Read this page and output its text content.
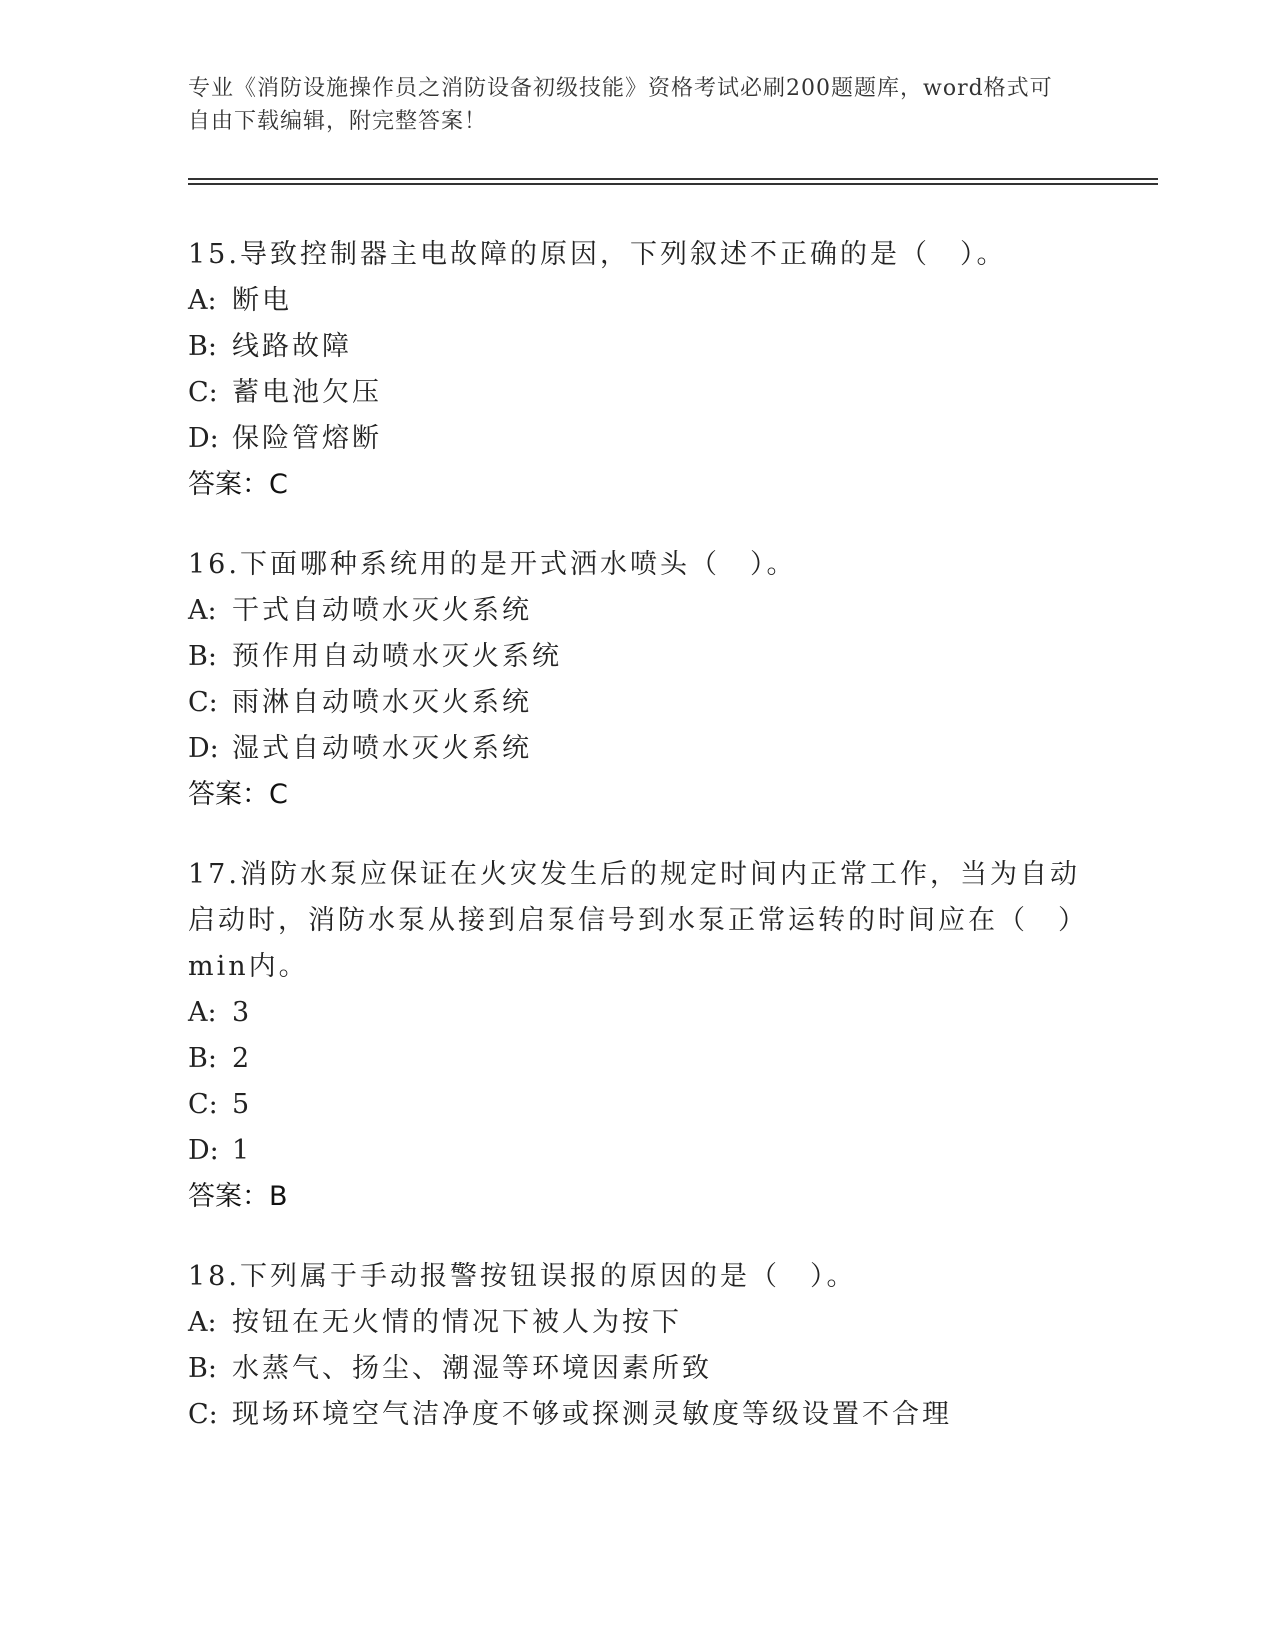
专业《消防设施操作员之消防设备初级技能》资格考试必刷200题题库，word格式可自由下载编辑，附完整答案！

15.导致控制器主电故障的原因，下列叙述不正确的是（　）。

A: 断电

B: 线路故障

C: 蓄电池欠压

D: 保险管熔断

答案：C

16.下面哪种系统用的是开式洒水喷头（　）。

A: 干式自动喷水灭火系统

B: 预作用自动喷水灭火系统

C: 雨淋自动喷水灭火系统

D: 湿式自动喷水灭火系统

答案：C

17.消防水泵应保证在火灾发生后的规定时间内正常工作，当为自动启动时，消防水泵从接到启泵信号到水泵正常运转的时间应在（　）min内。

A: 3

B: 2

C: 5

D: 1

答案：B

18.下列属于手动报警按钮误报的原因的是（　）。

A: 按钮在无火情的情况下被人为按下

B: 水蒸气、扬尘、潮湿等环境因素所致

C: 现场环境空气洁净度不够或探测灵敏度等级设置不合理
